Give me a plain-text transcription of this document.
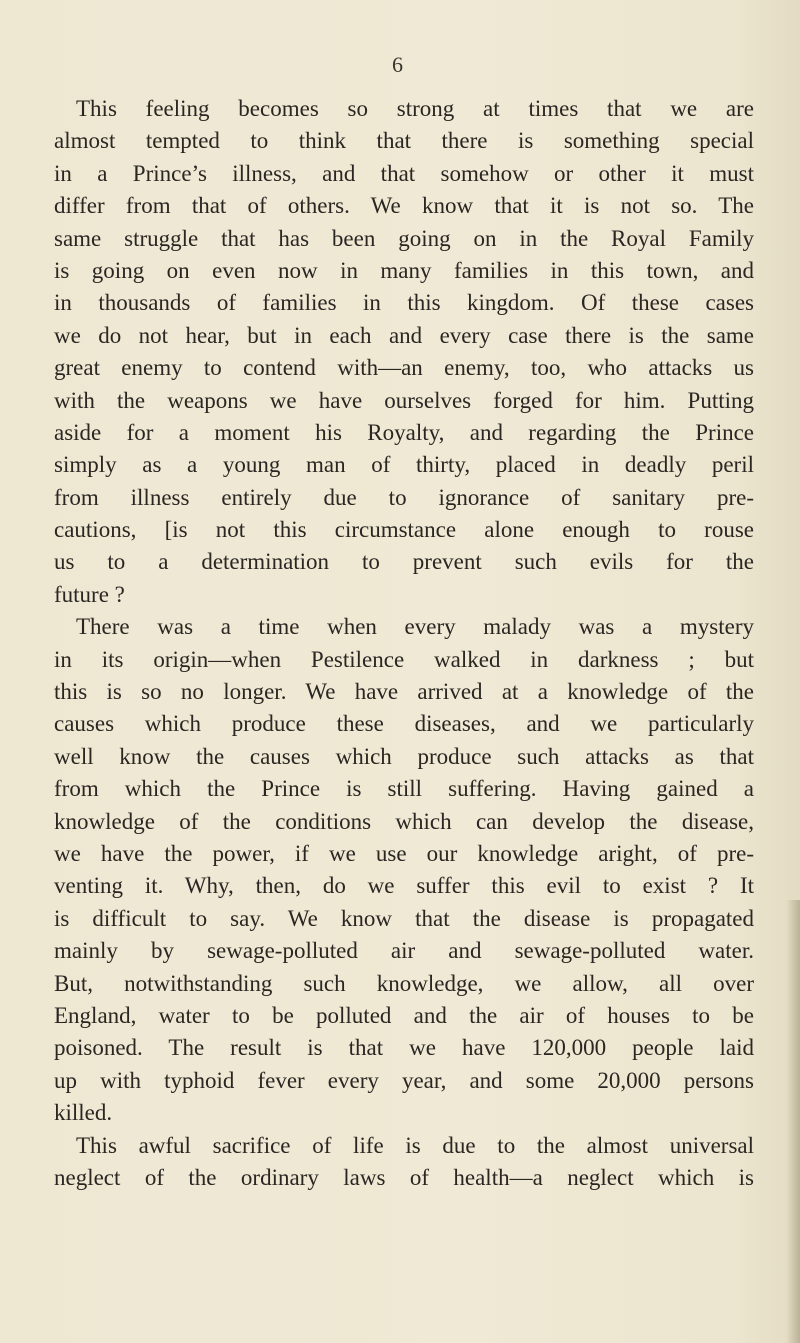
6

This feeling becomes so strong at times that we are
almost tempted to think that there is something special
in a Prince’s illness, and that somehow or other it must
differ from that of others. We know that it is not so. The
same struggle that has been going on in the Royal Family
is going on even now in many families in this town, and
in thousands of families in this kingdom. Of these cases
we do not hear, but in each and every case there is the same
great enemy to contend with—an enemy, too, who attacks us
with the weapons we have ourselves forged for him. Putting
aside for a moment his Royalty, and regarding the Prince
simply as a young man of thirty, placed in deadly peril
from illness entirely due to ignorance of sanitary pre-
cautions, [is not this circumstance alone enough to rouse
us to a determination to prevent such evils for the
future ?
There was a time when every malady was a mystery
in its origin—when Pestilence walked in darkness ; but
this is so no longer. We have arrived at a knowledge of the
causes which produce these diseases, and we particularly
well know the causes which produce such attacks as that
from which the Prince is still suffering. Having gained a
knowledge of the conditions which can develop the disease,
we have the power, if we use our knowledge aright, of pre-
venting it. Why, then, do we suffer this evil to exist ? It
is difficult to say. We know that the disease is propagated
mainly by sewage-polluted air and sewage-polluted water.
But, notwithstanding such knowledge, we allow, all over
England, water to be polluted and the air of houses to be
poisoned. The result is that we have 120,000 people laid
up with typhoid fever every year, and some 20,000 persons
killed.
This awful sacrifice of life is due to the almost universal
neglect of the ordinary laws of health—a neglect which is
